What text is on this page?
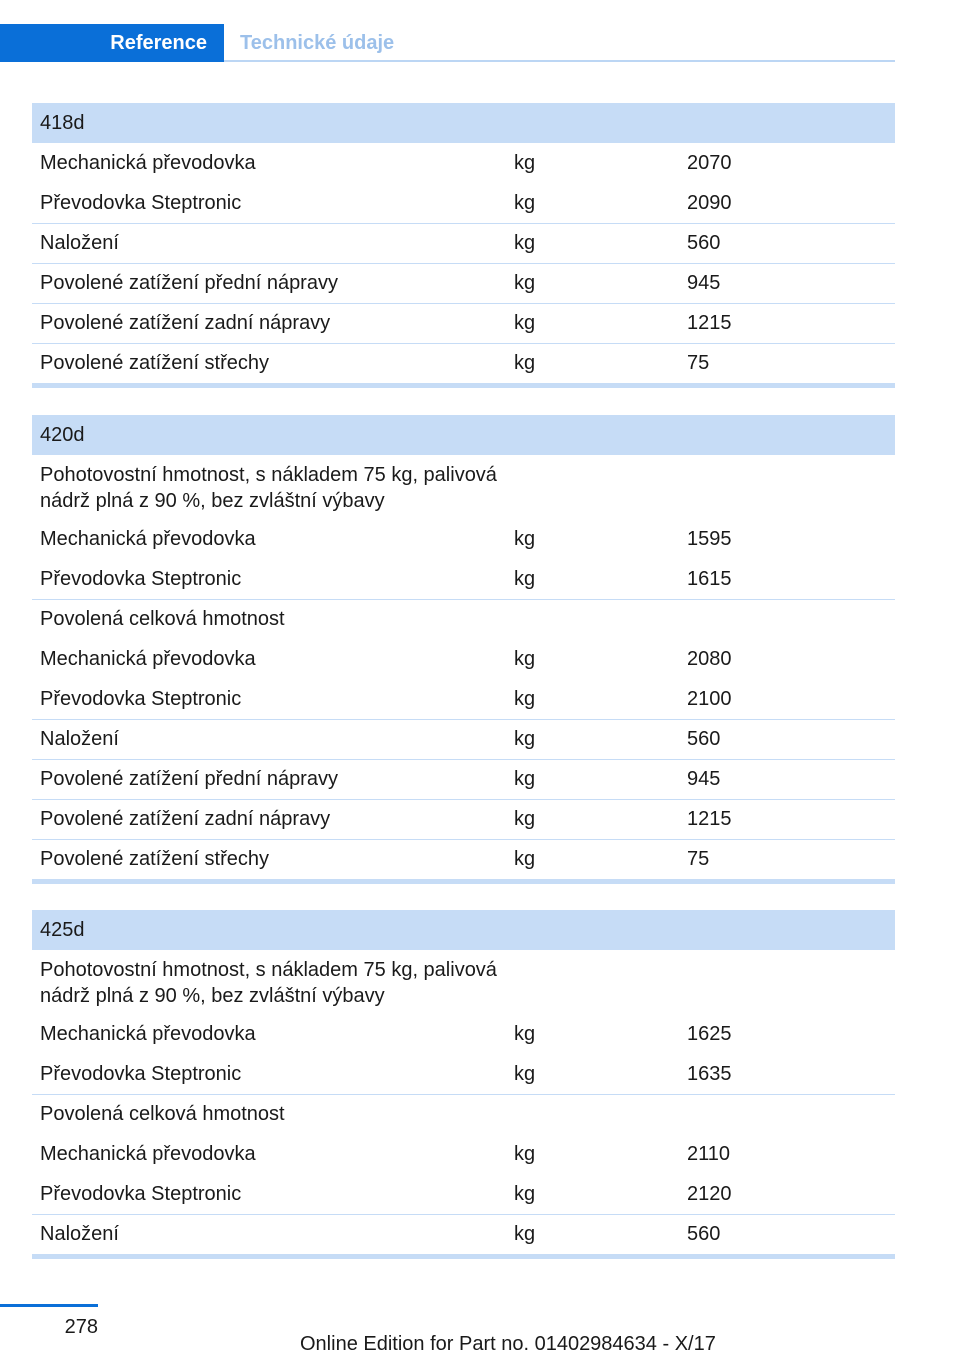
Reference	Technické údaje
418d
Mechanická převodovka	kg	2070
Převodovka Steptronic	kg	2090
Naložení	kg	560
Povolené zatížení přední nápravy	kg	945
Povolené zatížení zadní nápravy	kg	1215
Povolené zatížení střechy	kg	75
420d
Pohotovostní hmotnost, s nákladem 75 kg, palivová nádrž plná z 90 %, bez zvláštní výbavy
Mechanická převodovka	kg	1595
Převodovka Steptronic	kg	1615
Povolená celková hmotnost
Mechanická převodovka	kg	2080
Převodovka Steptronic	kg	2100
Naložení	kg	560
Povolené zatížení přední nápravy	kg	945
Povolené zatížení zadní nápravy	kg	1215
Povolené zatížení střechy	kg	75
425d
Pohotovostní hmotnost, s nákladem 75 kg, palivová nádrž plná z 90 %, bez zvláštní výbavy
Mechanická převodovka	kg	1625
Převodovka Steptronic	kg	1635
Povolená celková hmotnost
Mechanická převodovka	kg	2110
Převodovka Steptronic	kg	2120
Naložení	kg	560
278
Online Edition for Part no. 01402984634 - X/17
